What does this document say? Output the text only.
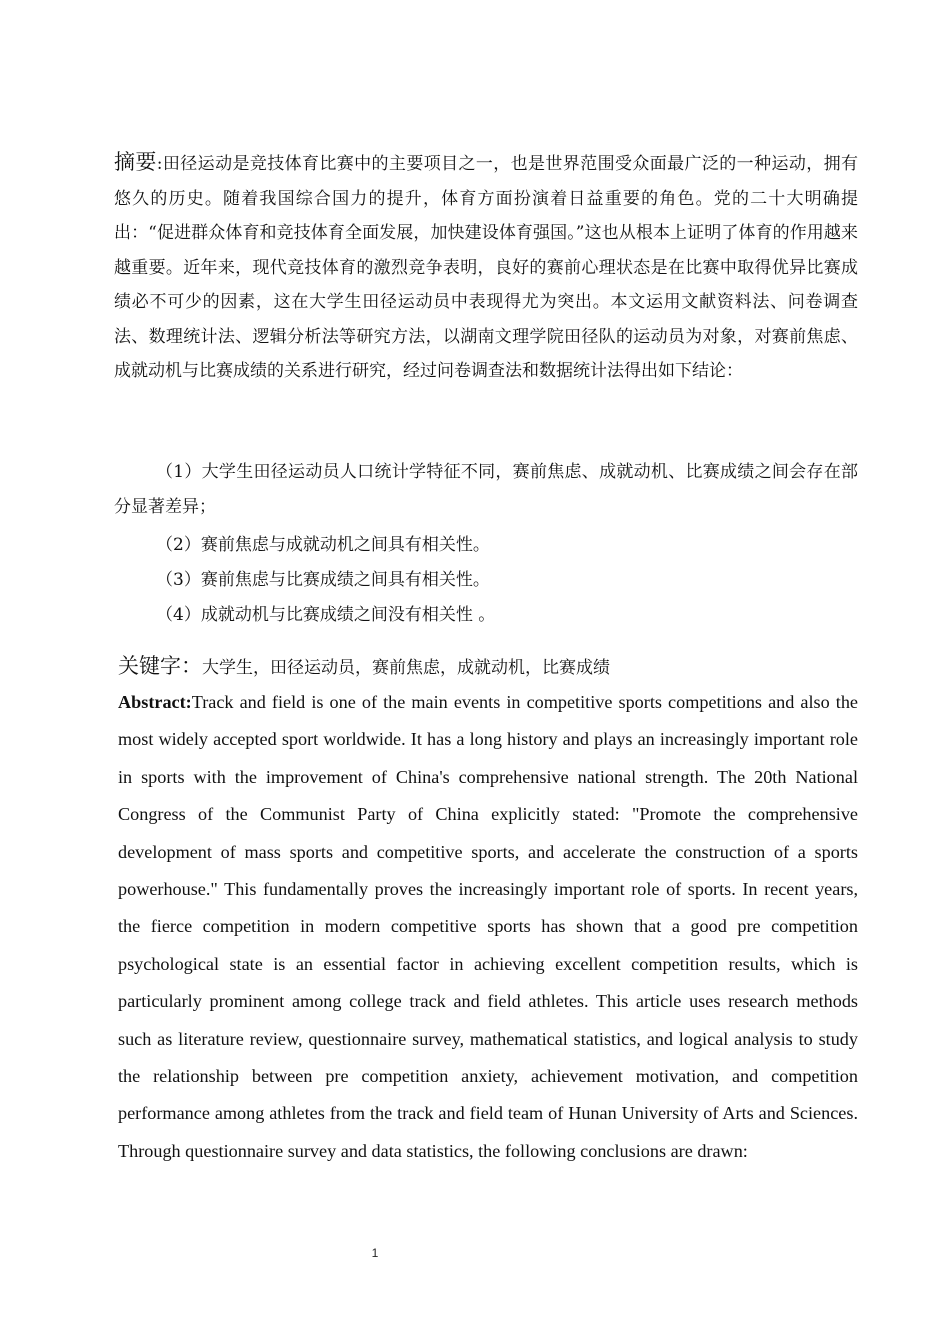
摘要:田径运动是竞技体育比赛中的主要项目之一，也是世界范围受众面最广泛的一种运动，拥有悠久的历史。随着我国综合国力的提升，体育方面扮演着日益重要的角色。党的二十大明确提出：“促进群众体育和竞技体育全面发展，加快建设体育强国。”这也从根本上证明了体育的作用越来越重要。近年来，现代竞技体育的激烈竞争表明，良好的赛前心理状态是在比赛中取得优异比赛成绩必不可少的因素，这在大学生田径运动员中表现得尤为突出。本文运用文献资料法、问卷调查法、数理统计法、逻辑分析法等研究方法，以湖南文理学院田径队的运动员为对象，对赛前焦虑、成就动机与比赛成绩的关系进行研究，经过问卷调查法和数据统计法得出如下结论：

（1）大学生田径运动员人口统计学特征不同，赛前焦虑、成就动机、比赛成绩之间会存在部分显著差异；

（2）赛前焦虑与成就动机之间具有相关性。

（3）赛前焦虑与比赛成绩之间具有相关性。

（4）成就动机与比赛成绩之间没有相关性 。

关键字：大学生，田径运动员，赛前焦虑，成就动机，比赛成绩

Abstract:Track and field is one of the main events in competitive sports competitions and also the most widely accepted sport worldwide. It has a long history and plays an increasingly important role in sports with the improvement of China's comprehensive national strength. The 20th National Congress of the Communist Party of China explicitly stated: "Promote the comprehensive development of mass sports and competitive sports, and accelerate the construction of a sports powerhouse." This fundamentally proves the increasingly important role of sports. In recent years, the fierce competition in modern competitive sports has shown that a good pre competition psychological state is an essential factor in achieving excellent competition results, which is particularly prominent among college track and field athletes. This article uses research methods such as literature review, questionnaire survey, mathematical statistics, and logical analysis to study the relationship between pre competition anxiety, achievement motivation, and competition performance among athletes from the track and field team of Hunan University of Arts and Sciences. Through questionnaire survey and data statistics, the following conclusions are drawn:

1
